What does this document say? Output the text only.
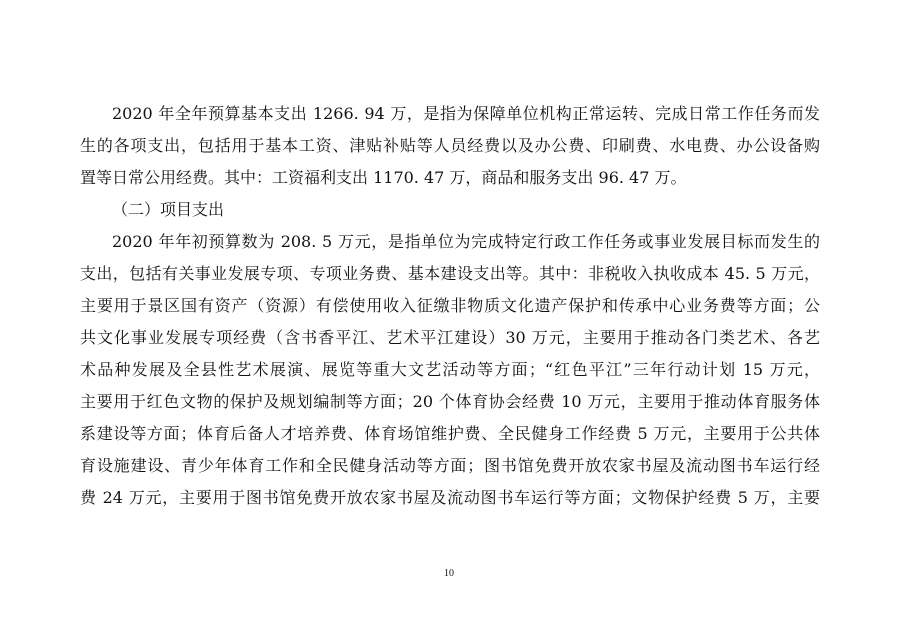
2020 年全年预算基本支出 1266. 94 万，是指为保障单位机构正常运转、完成日常工作任务而发
生的各项支出，包括用于基本工资、津贴补贴等人员经费以及办公费、印刷费、水电费、办公设备购
置等日常公用经费。其中：工资福利支出 1170. 47 万，商品和服务支出 96. 47 万。
（二）项目支出
2020 年年初预算数为 208. 5 万元，是指单位为完成特定行政工作任务或事业发展目标而发生的
支出，包括有关事业发展专项、专项业务费、基本建设支出等。其中：非税收入执收成本 45. 5 万元，
主要用于景区国有资产（资源）有偿使用收入征缴非物质文化遗产保护和传承中心业务费等方面；公
共文化事业发展专项经费（含书香平江、艺术平江建设）30 万元，主要用于推动各门类艺术、各艺
术品种发展及全县性艺术展演、展览等重大文艺活动等方面；“红色平江”三年行动计划 15 万元，
主要用于红色文物的保护及规划编制等方面；20 个体育协会经费 10 万元，主要用于推动体育服务体
系建设等方面；体育后备人才培养费、体育场馆维护费、全民健身工作经费 5 万元，主要用于公共体
育设施建设、青少年体育工作和全民健身活动等方面；图书馆免费开放农家书屋及流动图书车运行经
费 24 万元，主要用于图书馆免费开放农家书屋及流动图书车运行等方面；文物保护经费 5 万，主要
10
